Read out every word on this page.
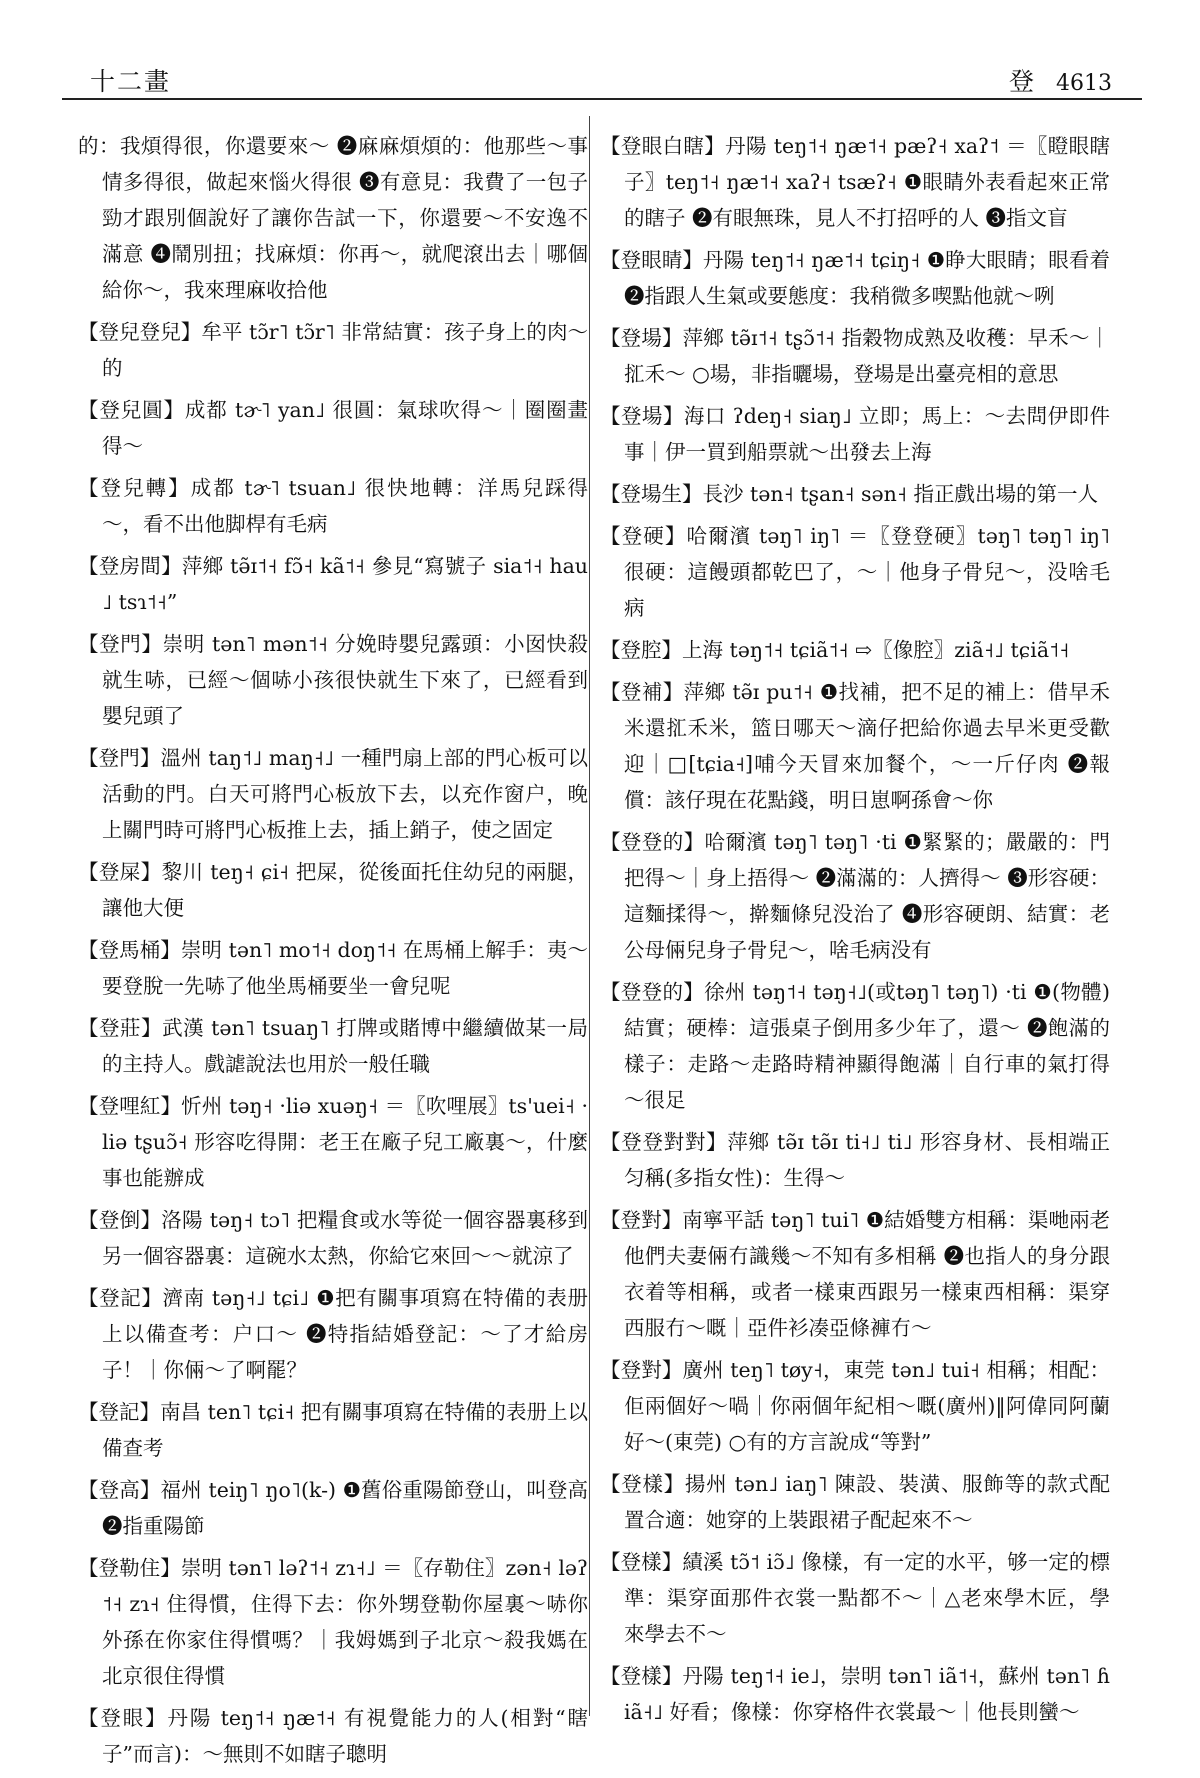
十二畫	登 4613

的：我煩得很，你還要來～ ❷麻麻煩煩的：他那些～事情多得很，做起來惱火得很 ❸有意見：我費了一包子勁才跟別個說好了讓你告試一下，你還要～不安逸不滿意 ❹鬧別扭；找麻煩：你再～，就爬滾出去｜哪個給你～，我來理麻收拾他

【登兒登兒】牟平 tɔ̃r˥ tɔ̃r˥ 非常結實：孩子身上的肉～的

【登兒圓】成都 tɚ˥ yan˩ 很圓：氣球吹得～｜圈圈畫得～

【登兒轉】成都 tɚ˥ tsuan˩ 很快地轉：洋馬兒踩得～，看不出他脚桿有毛病

【登房間】萍鄉 tə̃ɪ˦˧ fɔ̃˧ kã˦˧ 參見“寫號子 sia˦˧ hau˩ tsɿ˦˧”

【登門】崇明 tən˥ mən˦˧ 分娩時嬰兒露頭：小囡快殺就生哧，已經～個哧小孩很快就生下來了，已經看到嬰兒頭了

【登門】溫州 taŋ˦˩ maŋ˧˩ 一種門扇上部的門心板可以活動的門。白天可將門心板放下去，以充作窗户，晚上關門時可將門心板推上去，插上銷子，使之固定

【登屎】黎川 teŋ˧ ɕi˧ 把屎，從後面托住幼兒的兩腿，讓他大便

【登馬桶】崇明 tən˥ mo˦˧ doŋ˦˧ 在馬桶上解手：夷～要登脫一先哧了他坐馬桶要坐一會兒呢

【登莊】武漢 tən˥ tsuaŋ˥ 打牌或賭博中繼續做某一局的主持人。戲謔說法也用於一般任職

【登哩紅】忻州 təŋ˧ ·liə xuəŋ˧ ＝〖吹哩展〗ts'uei˧ ·liə tʂuɔ̃˧ 形容吃得開：老王在廠子兒工廠裏～，什麼事也能辦成

【登倒】洛陽 təŋ˧ tɔ˥ 把糧食或水等從一個容器裏移到另一個容器裏：這碗水太熱，你給它來回～～就涼了

【登記】濟南 təŋ˧˩ tɕi˩ ❶把有關事項寫在特備的表册上以備查考：户口～ ❷特指結婚登記：～了才給房子！｜你倆～了啊罷？

【登記】南昌 ten˥ tɕi˧ 把有關事項寫在特備的表册上以備查考

【登高】福州 teiŋ˥ ŋo˥(k-) ❶舊俗重陽節登山，叫登高 ❷指重陽節

【登勒住】崇明 tən˥ ləʔ˦˧ zɿ˧˩ ＝〖存勒住〗zən˧ ləʔ˦˧ zɿ˧ 住得慣，住得下去：你外甥登勒你屋裏～哧你外孫在你家住得慣嗎？｜我姆媽到子北京～殺我媽在北京很住得慣

【登眼】丹陽 teŋ˦˧ ŋæ˦˧ 有視覺能力的人(相對“瞎子”而言)：～無則不如瞎子聰明

【登眼白瞎】丹陽 teŋ˦˧ ŋæ˦˧ pæʔ˧ xaʔ˦ ＝〖瞪眼瞎子〗teŋ˦˧ ŋæ˦˧ xaʔ˧ tsæʔ˧ ❶眼睛外表看起來正常的瞎子 ❷有眼無珠，見人不打招呼的人 ❸指文盲

【登眼睛】丹陽 teŋ˦˧ ŋæ˦˧ tɕiŋ˧ ❶睁大眼睛；眼看着 ❷指跟人生氣或要態度：我稍微多喫點他就～咧

【登場】萍鄉 tə̃ɪ˦˧ tʂɔ̃˦˧ 指穀物成熟及收穫：早禾～｜㧟禾～ ○場，非指曬場，登場是出臺亮相的意思

【登場】海口 ʔdeŋ˧ siaŋ˩ 立即；馬上：～去問伊即件事｜伊一買到船票就～出發去上海

【登場生】長沙 tən˧ tʂan˧ sən˧ 指正戲出場的第一人

【登硬】哈爾濱 təŋ˥ iŋ˥ ＝〖登登硬〗təŋ˥ təŋ˥ iŋ˥ 很硬：這饅頭都乾巴了，～｜他身子骨兒～，没啥毛病

【登腔】上海 təŋ˦˧ tɕiã˦˧ ⇨〖像腔〗ziã˧˩ tɕiã˦˧

【登補】萍鄉 tə̃ɪ pu˦˧ ❶找補，把不足的補上：借早禾米還㧟禾米，篮日哪天～滴仔把給你過去早米更受歡迎｜□[tɕia˧]哺今天冒來加餐个，～一斤仔肉 ❷報償：該仔現在花點錢，明日崽啊孫會～你

【登登的】哈爾濱 təŋ˥ təŋ˥ ·ti ❶緊緊的；嚴嚴的：門把得～｜身上捂得～ ❷滿滿的：人擠得～ ❸形容硬：這麵揉得～，擀麵條兒没治了 ❹形容硬朗、結實：老公母倆兒身子骨兒～，啥毛病没有

【登登的】徐州 təŋ˦˧ təŋ˧˩(或təŋ˥ təŋ˥) ·ti ❶(物體)結實；硬棒：這張桌子倒用多少年了，還～ ❷飽滿的樣子：走路～走路時精神顯得飽滿｜自行車的氣打得～很足

【登登對對】萍鄉 tə̃ɪ tə̃ɪ ti˧˩ ti˩ 形容身材、長相端正匀稱(多指女性)：生得～

【登對】南寧平話 təŋ˥ tui˥ ❶結婚雙方相稱：渠哋兩老他們夫妻倆冇識幾～不知有多相稱 ❷也指人的身分跟衣着等相稱，或者一樣東西跟另一樣東西相稱：渠穿西服冇～嘅｜亞件衫凑亞條褲冇～

【登對】廣州 teŋ˥ tøy˧，東莞 tən˩ tui˧ 相稱；相配：佢兩個好～喎｜你兩個年紀相～嘅(廣州)‖阿偉同阿蘭好～(東莞) ○有的方言說成“等對”

【登樣】揚州 tən˩ iaŋ˥ 陳設、裝潢、服飾等的款式配置合適：她穿的上裝跟裙子配起來不～

【登樣】績溪 tɔ̃˦ iɔ̃˩ 像樣，有一定的水平，够一定的標準：渠穿面那件衣裳一點都不～｜△老來學木匠，學來學去不～

【登樣】丹陽 teŋ˦˧ ie˩，崇明 tən˥ iã˦˧，蘇州 tən˥ ɦiã˧˩ 好看；像樣：你穿格件衣裳最～｜他長則蠻～
